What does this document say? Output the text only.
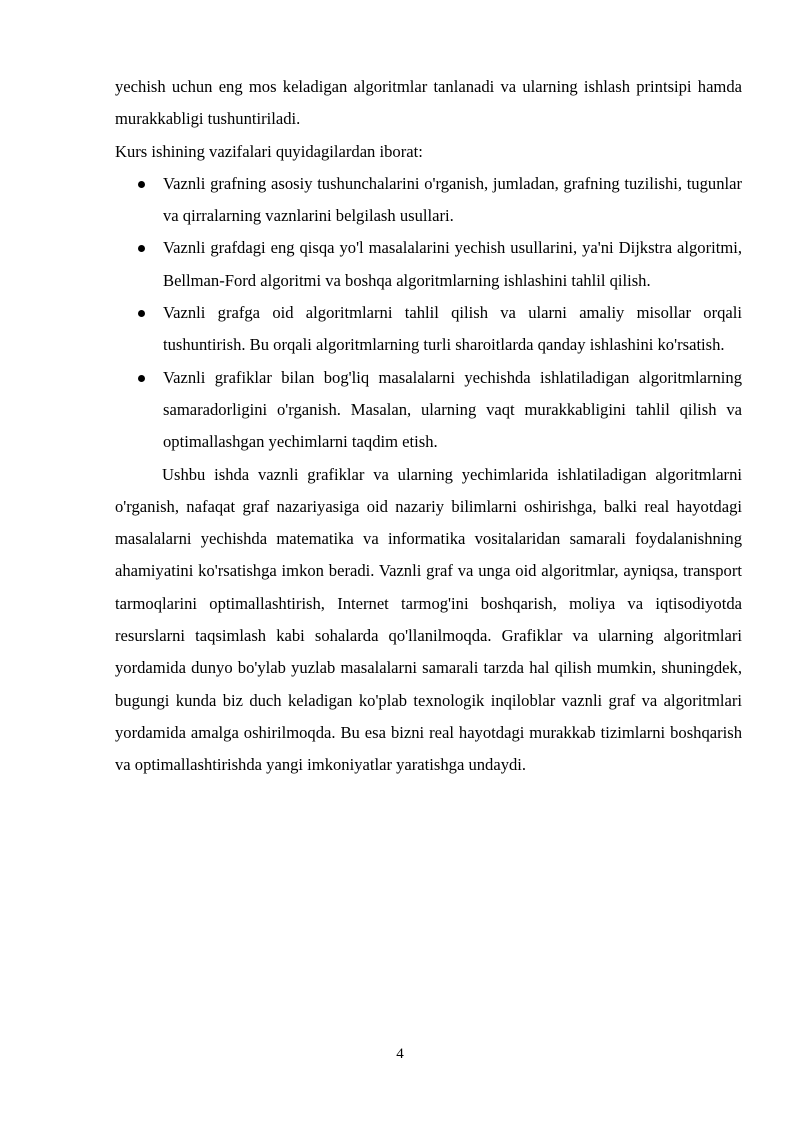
yechish uchun eng mos keladigan algoritmlar tanlanadi va ularning ishlash printsipi hamda murakkabligi tushuntiriladi.

Kurs ishining vazifalari quyidagilardan iborat:

Vaznli grafning asosiy tushunchalarini o'rganish, jumladan, grafning tuzilishi, tugunlar va qirralarning vaznlarini belgilash usullari.
Vaznli grafdagi eng qisqa yo'l masalalarini yechish usullarini, ya'ni Dijkstra algoritmi, Bellman-Ford algoritmi va boshqa algoritmlarning ishlashini tahlil qilish.
Vaznli grafga oid algoritmlarni tahlil qilish va ularni amaliy misollar orqali tushuntirish. Bu orqali algoritmlarning turli sharoitlarda qanday ishlashini ko'rsatish.
Vaznli grafiklar bilan bog'liq masalalarni yechishda ishlatiladigan algoritmlarning samaradorligini o'rganish. Masalan, ularning vaqt murakkabligini tahlil qilish va optimallashgan yechimlarni taqdim etish.

Ushbu ishda vaznli grafiklar va ularning yechimlarida ishlatiladigan algoritmlarni o'rganish, nafaqat graf nazariyasiga oid nazariy bilimlarni oshirishga, balki real hayotdagi masalalarni yechishda matematika va informatika vositalaridan samarali foydalanishning ahamiyatini ko'rsatishga imkon beradi. Vaznli graf va unga oid algoritmlar, ayniqsa, transport tarmoqlarini optimallashtirish, Internet tarmog'ini boshqarish, moliya va iqtisodiyotda resurslarni taqsimlash kabi sohalarda qo'llanilmoqda. Grafiklar va ularning algoritmlari yordamida dunyo bo'ylab yuzlab masalalarni samarali tarzda hal qilish mumkin, shuningdek, bugungi kunda biz duch keladigan ko'plab texnologik inqiloblar vaznli graf va algoritmlari yordamida amalga oshirilmoqda. Bu esa bizni real hayotdagi murakkab tizimlarni boshqarish va optimallashtirishda yangi imkoniyatlar yaratishga undaydi.

4
